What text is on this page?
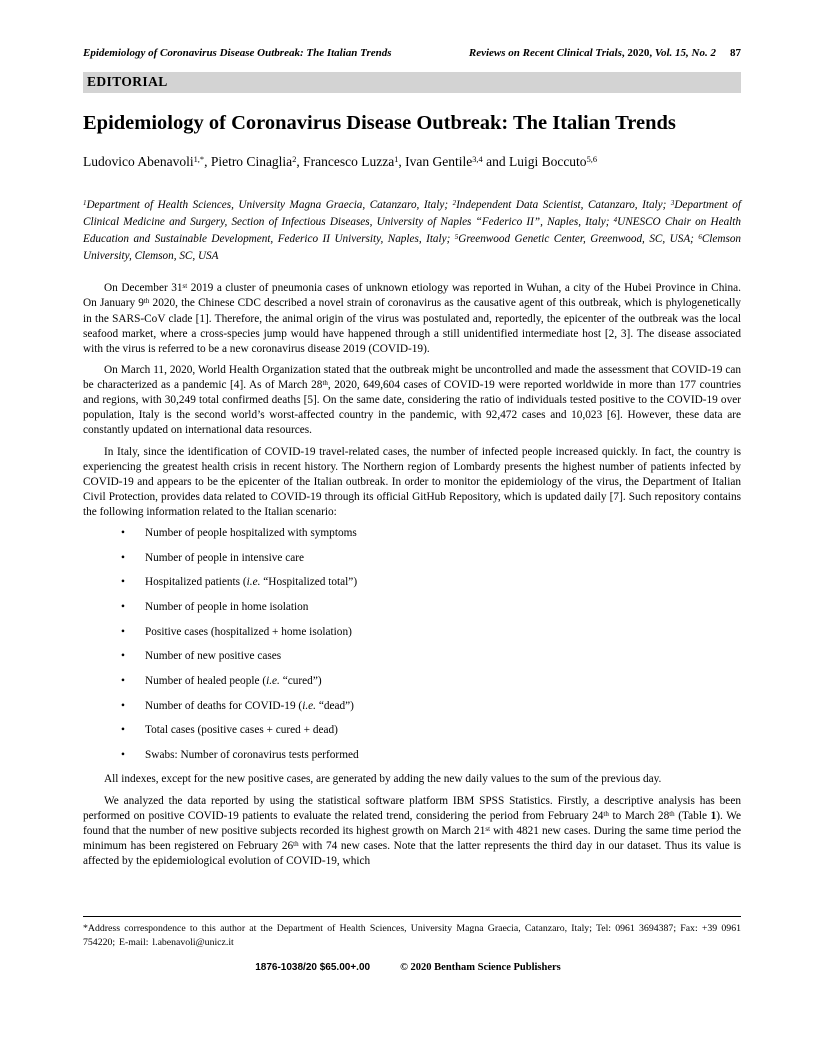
Epidemiology of Coronavirus Disease Outbreak: The Italian Trends	Reviews on Recent Clinical Trials, 2020, Vol. 15, No. 2 87
EDITORIAL
Epidemiology of Coronavirus Disease Outbreak: The Italian Trends
Ludovico Abenavoli$^{1,*}$, Pietro Cinaglia$^2$, Francesco Luzza$^1$, Ivan Gentile$^{3,4}$ and Luigi Boccuto$^{5,6}$
$^1$Department of Health Sciences, University Magna Graecia, Catanzaro, Italy; $^2$Independent Data Scientist, Catanzaro, Italy; $^3$Department of Clinical Medicine and Surgery, Section of Infectious Diseases, University of Naples “Federico II”, Naples, Italy; $^4$UNESCO Chair on Health Education and Sustainable Development, Federico II University, Naples, Italy; $^5$Greenwood Genetic Center, Greenwood, SC, USA; $^6$Clemson University, Clemson, SC, USA

On December 31st 2019 a cluster of pneumonia cases of unknown etiology was reported in Wuhan, a city of the Hubei Province in China. On January 9th 2020, the Chinese CDC described a novel strain of coronavirus as the causative agent of this outbreak, which is phylogenetically in the SARS-CoV clade [1]. Therefore, the animal origin of the virus was postulated and, reportedly, the epicenter of the outbreak was the local seafood market, where a cross-species jump would have happened through a still unidentified intermediate host [2, 3]. The disease associated with the virus is referred to be a new coronavirus disease 2019 (COVID-19).

On March 11, 2020, World Health Organization stated that the outbreak might be uncontrolled and made the assessment that COVID-19 can be characterized as a pandemic [4]. As of March 28th, 2020, 649,604 cases of COVID-19 were reported worldwide in more than 177 countries and regions, with 30,249 total confirmed deaths [5]. On the same date, considering the ratio of individuals tested positive to the COVID-19 over population, Italy is the second world’s worst-affected country in the pandemic, with 92,472 cases and 10,023 [6]. However, these data are constantly updated on international data resources.

In Italy, since the identification of COVID-19 travel-related cases, the number of infected people increased quickly. In fact, the country is experiencing the greatest health crisis in recent history. The Northern region of Lombardy presents the highest number of patients infected by COVID-19 and appears to be the epicenter of the Italian outbreak. In order to monitor the epidemiology of the virus, the Department of Italian Civil Protection, provides data related to COVID-19 through its official GitHub Repository, which is updated daily [7]. Such repository contains the following information related to the Italian scenario:

•	Number of people hospitalized with symptoms
•	Number of people in intensive care
•	Hospitalized patients (i.e. “Hospitalized total”)
•	Number of people in home isolation
•	Positive cases (hospitalized + home isolation)
•	Number of new positive cases
•	Number of healed people (i.e. “cured”)
•	Number of deaths for COVID-19 (i.e. “dead”)
•	Total cases (positive cases + cured + dead)
•	Swabs: Number of coronavirus tests performed

All indexes, except for the new positive cases, are generated by adding the new daily values to the sum of the previous day.

We analyzed the data reported by using the statistical software platform IBM SPSS Statistics. Firstly, a descriptive analysis has been performed on positive COVID-19 patients to evaluate the related trend, considering the period from February 24th to March 28th (Table 1). We found that the number of new positive subjects recorded its highest growth on March 21st with 4821 new cases. During the same time period the minimum has been registered on February 26th with 74 new cases. Note that the latter represents the third day in our dataset. Thus its value is affected by the epidemiological evolution of COVID-19, which

*Address correspondence to this author at the Department of Health Sciences, University Magna Graecia, Catanzaro, Italy; Tel: 0961 3694387; Fax: +39 0961 754220; E-mail: l.abenavoli@unicz.it
1876-1038/20 $65.00+.00	© 2020 Bentham Science Publishers
